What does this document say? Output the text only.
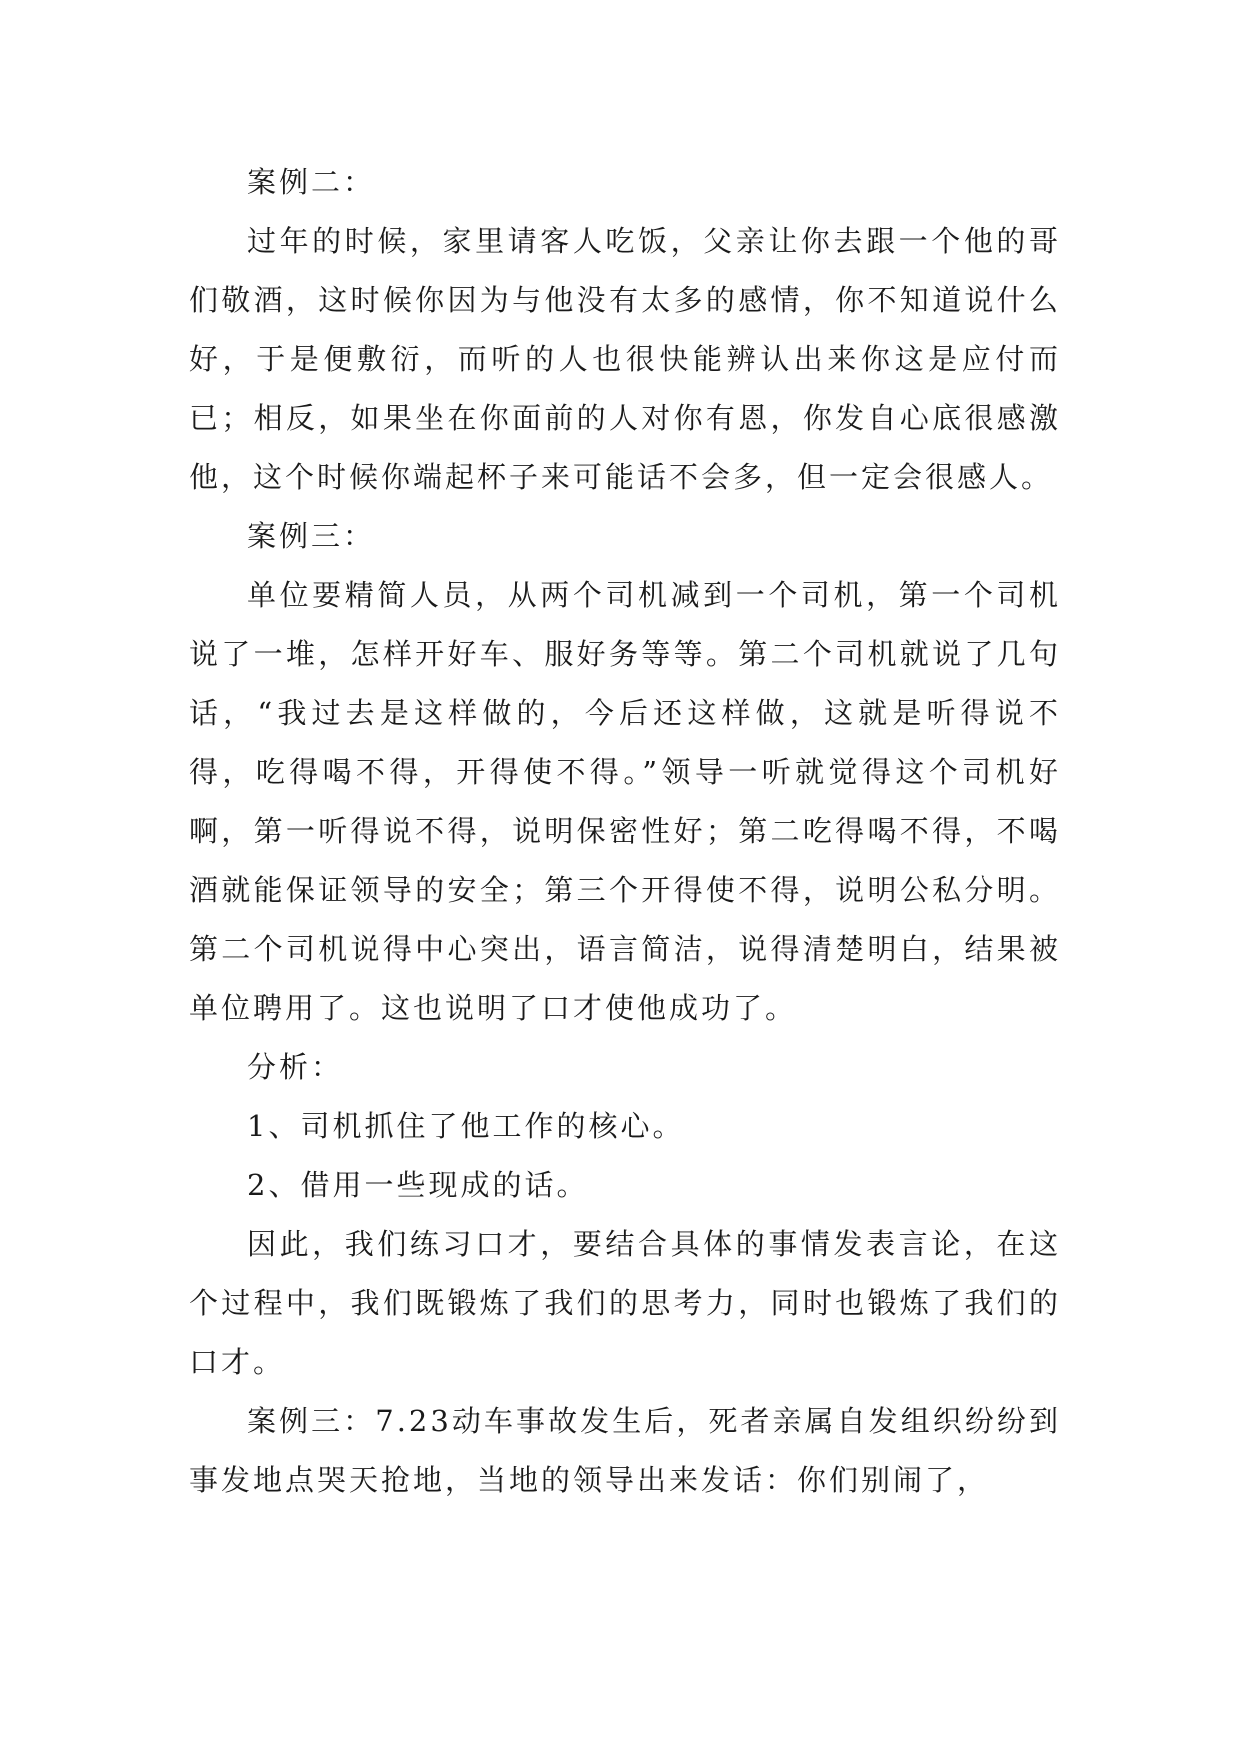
案例二：

过年的时候，家里请客人吃饭，父亲让你去跟一个他的哥们敬酒，这时候你因为与他没有太多的感情，你不知道说什么好，于是便敷衍，而听的人也很快能辨认出来你这是应付而已；相反，如果坐在你面前的人对你有恩，你发自心底很感激他，这个时候你端起杯子来可能话不会多，但一定会很感人。

案例三：

单位要精简人员，从两个司机减到一个司机，第一个司机说了一堆，怎样开好车、服好务等等。第二个司机就说了几句话，“我过去是这样做的，今后还这样做，这就是听得说不得，吃得喝不得，开得使不得。”领导一听就觉得这个司机好啊，第一听得说不得，说明保密性好；第二吃得喝不得，不喝酒就能保证领导的安全；第三个开得使不得，说明公私分明。第二个司机说得中心突出，语言简洁，说得清楚明白，结果被单位聘用了。这也说明了口才使他成功了。

分析：

1、司机抓住了他工作的核心。

2、借用一些现成的话。

因此，我们练习口才，要结合具体的事情发表言论，在这个过程中，我们既锻炼了我们的思考力，同时也锻炼了我们的口才。

案例三：7.23动车事故发生后，死者亲属自发组织纷纷到事发地点哭天抢地，当地的领导出来发话：你们别闹了，
